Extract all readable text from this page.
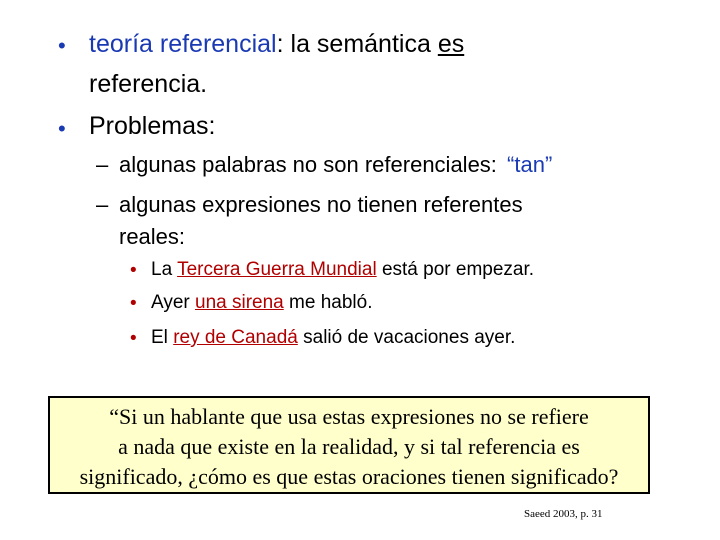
• teoría referencial: la semántica es
referencia.
• Problemas:
– algunas palabras no son referenciales: “tan”
– algunas expresiones no tienen referentes
reales:
• La Tercera Guerra Mundial está por empezar.
• Ayer una sirena me habló.
• El rey de Canadá salió de vacaciones ayer.
“Si un hablante que usa estas expresiones no se refiere
a nada que existe en la realidad, y si tal referencia es
significado, ¿cómo es que estas oraciones tienen significado?
Saeed 2003, p. 31
